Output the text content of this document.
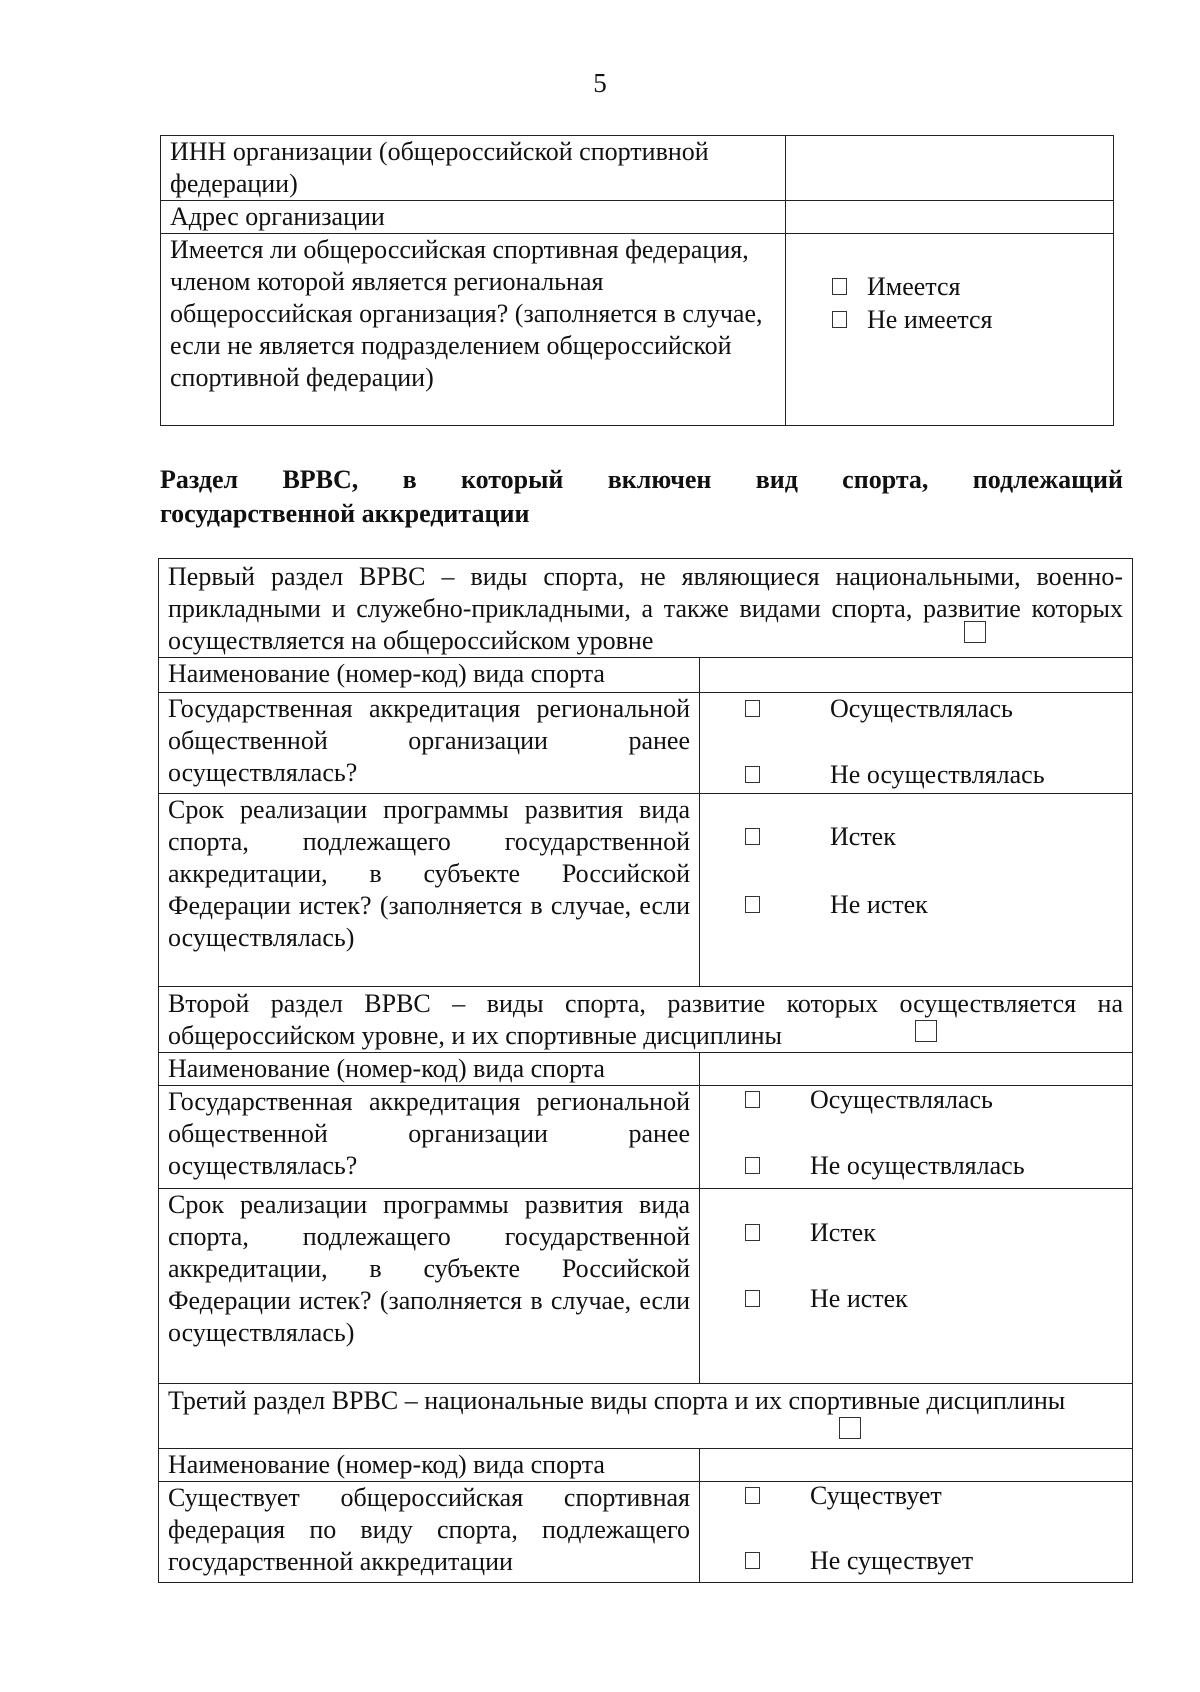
5
ИНН организации (общероссийской спортивной федерации)	
Адрес организации	
Имеется ли общероссийская спортивная федерация, членом которой является региональная общероссийская организация? (заполняется в случае, если не является подразделением общероссийской спортивной федерации)	Имеется
Не имеется
Раздел ВРВС, в который включен вид спорта, подлежащий
государственной аккредитации
Первый раздел ВРВС – виды спорта, не являющиеся национальными, военно-прикладными и служебно-прикладными, а также видами спорта, развитие которых осуществляется на общероссийском уровне	

Наименование (номер-код) вида спорта	
Государственная аккредитация региональной общественной организации ранее осуществлялась?	Осуществлялась
Не осуществлялась

Срок реализации программы развития вида спорта, подлежащего государственной аккредитации, в субъекте Российской Федерации истек? (заполняется в случае, если осуществлялась)	Истек
Не истек

Второй раздел ВРВС – виды спорта, развитие которых осуществляется на общероссийском уровне, и их спортивные дисциплины	

Наименование (номер-код) вида спорта	
Государственная аккредитация региональной общественной организации ранее осуществлялась?	Осуществлялась
Не осуществлялась

Срок реализации программы развития вида спорта, подлежащего государственной аккредитации, в субъекте Российской Федерации истек? (заполняется в случае, если осуществлялась)	Истек
Не истек

Третий раздел ВРВС – национальные виды спорта и их спортивные дисциплины	

Наименование (номер-код) вида спорта	
Существует общероссийская спортивная федерация по виду спорта, подлежащего государственной аккредитации	Существует
Не существует
